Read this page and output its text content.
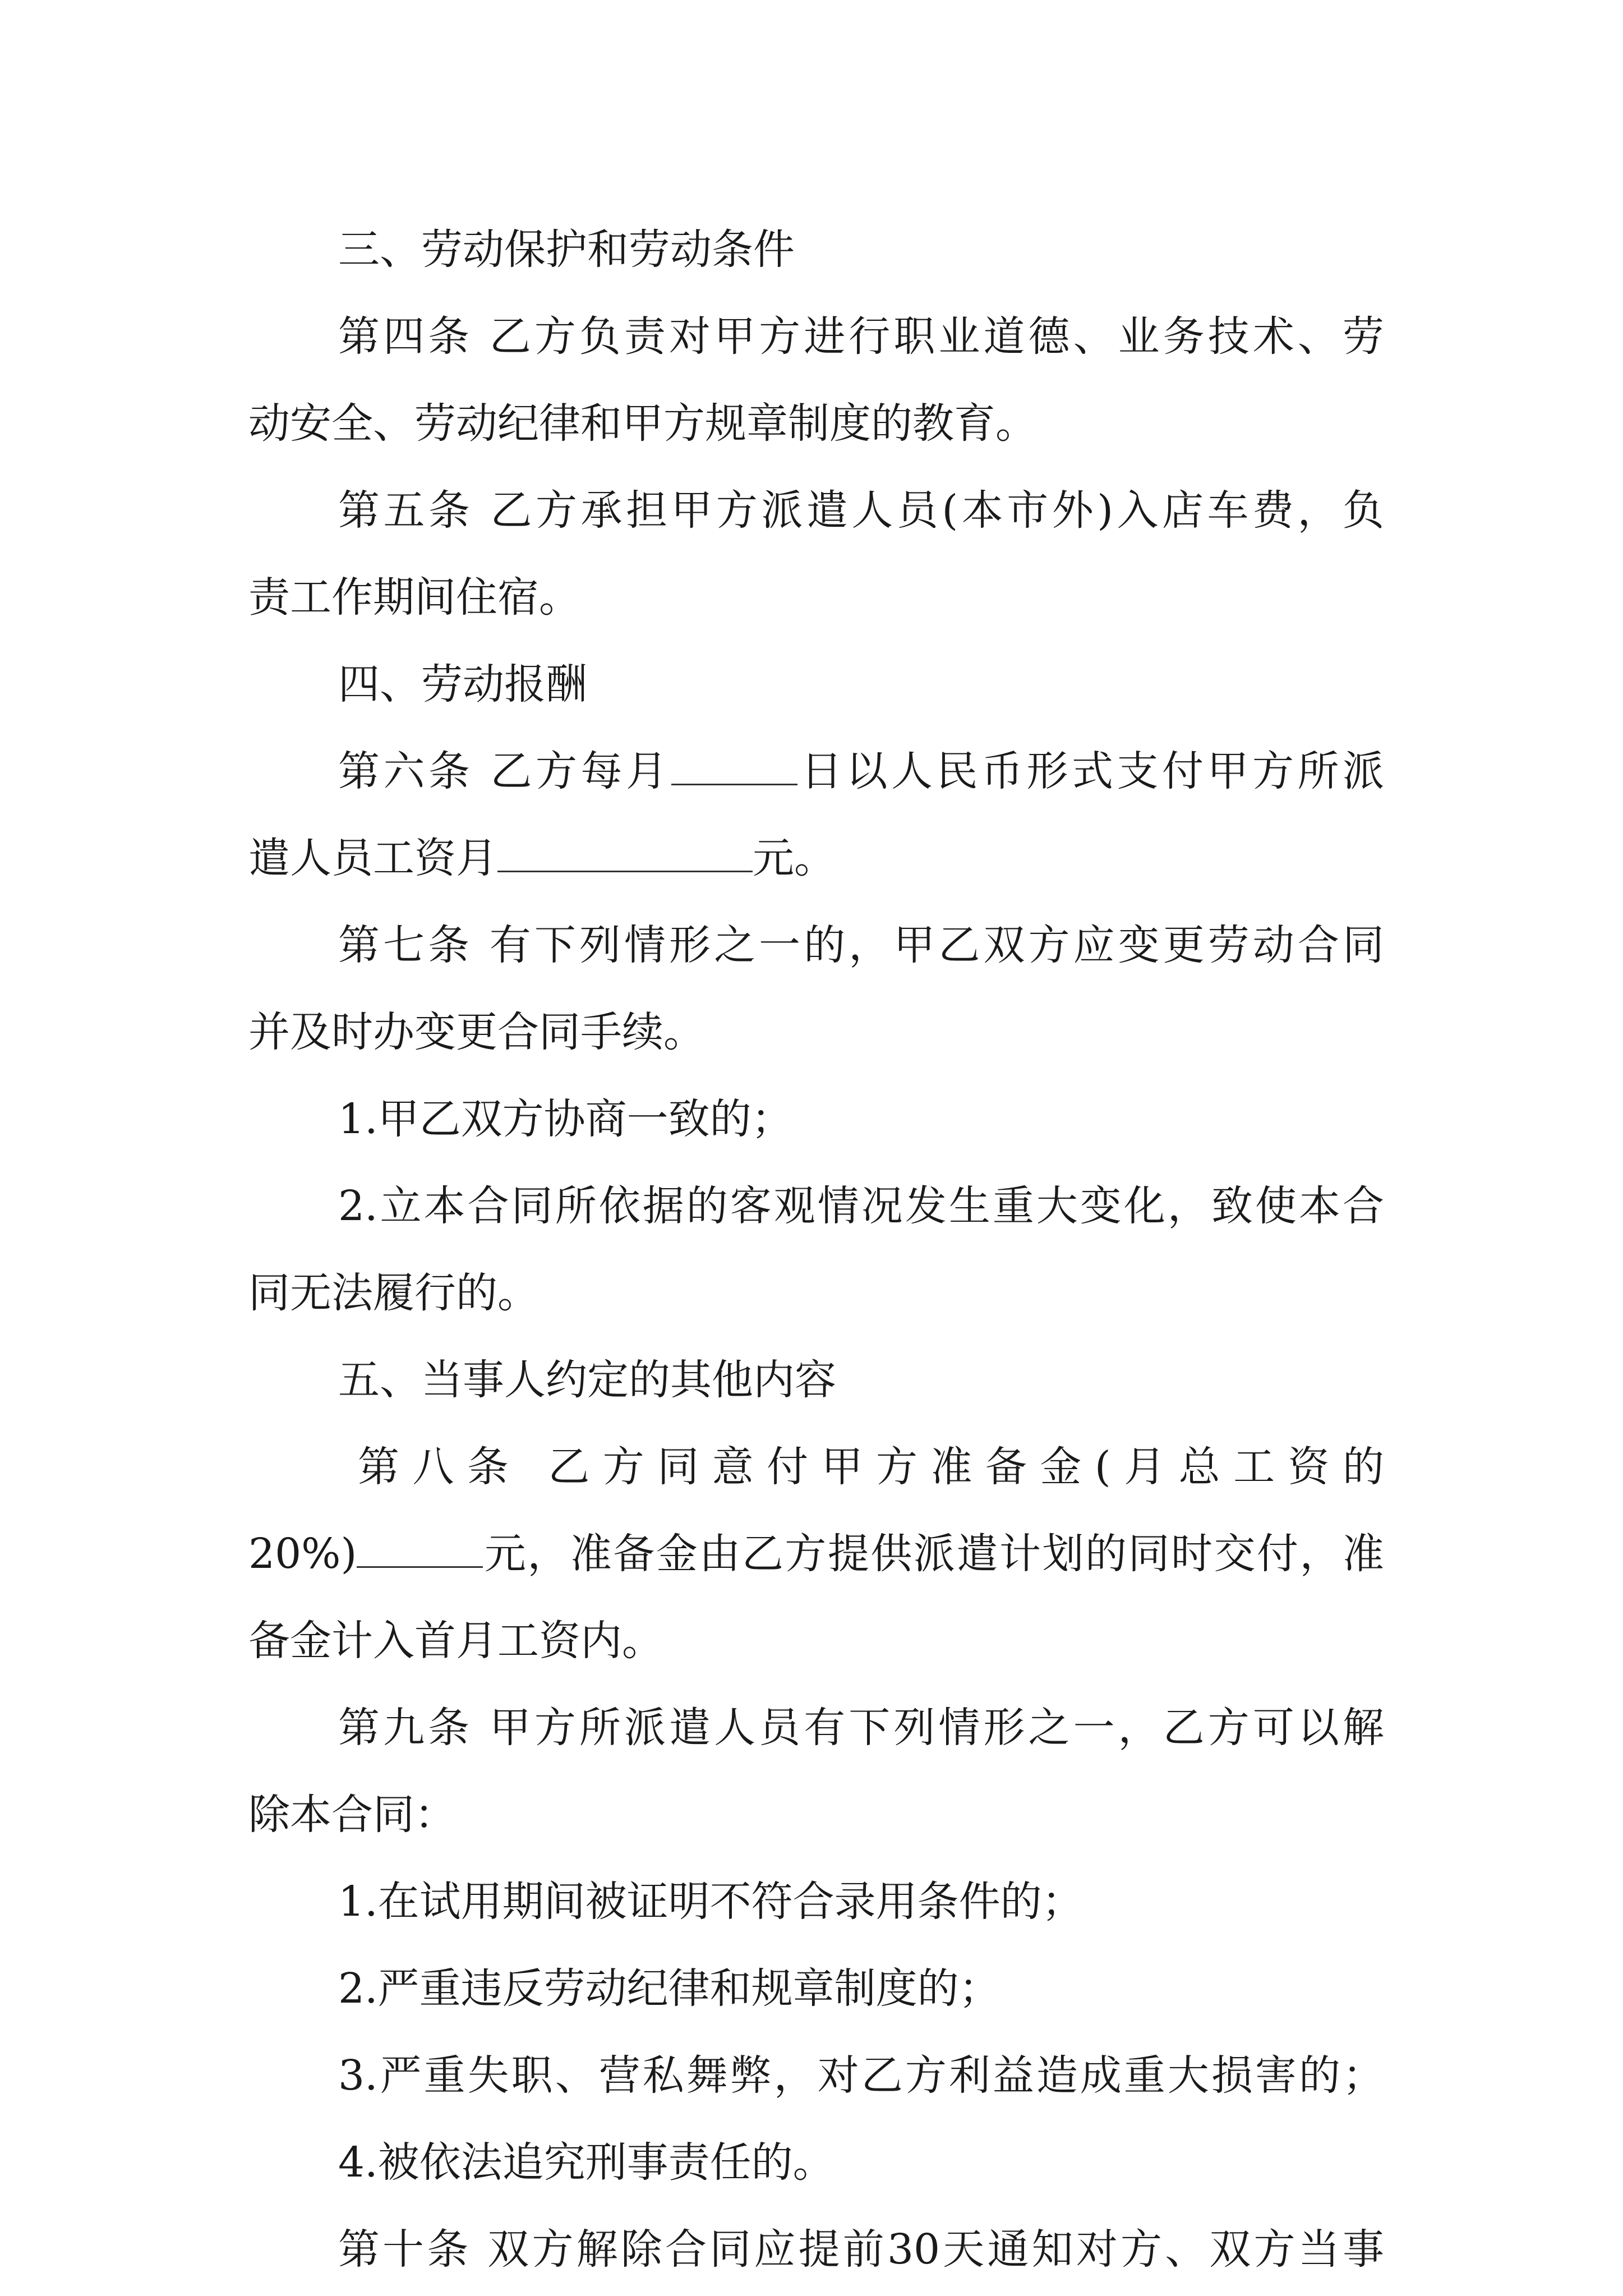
三、劳动保护和劳动条件
第四条 乙方负责对甲方进行职业道德、业务技术、劳
动安全、劳动纪律和甲方规章制度的教育。
第五条 乙方承担甲方派遣人员(本市外)入店车费，负
责工作期间住宿。
四、劳动报酬
第六条 乙方每月	日以人民币形式支付甲方所派
遣人员工资月	元。
第七条 有下列情形之一的，甲乙双方应变更劳动合同
并及时办变更合同手续。
1.甲乙双方协商一致的；
2.立本合同所依据的客观情况发生重大变化，致使本合
同无法履行的。
五、当事人约定的其他内容
第八条 乙方同意付甲方准备金(月总工资的
20%)	元，准备金由乙方提供派遣计划的同时交付，准
备金计入首月工资内。
第九条 甲方所派遣人员有下列情形之一，乙方可以解
除本合同：
1.在试用期间被证明不符合录用条件的；
2.严重违反劳动纪律和规章制度的；
3.严重失职、营私舞弊，对乙方利益造成重大损害的；
4.被依法追究刑事责任的。
第十条 双方解除合同应提前30天通知对方、双方当事
